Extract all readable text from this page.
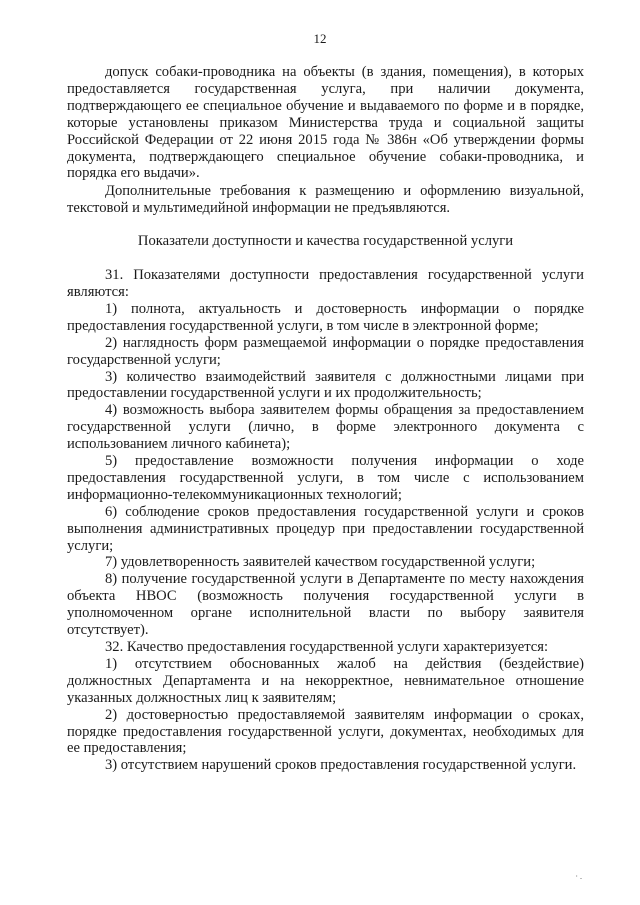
12

допуск собаки-проводника на объекты (в здания, помещения), в которых предоставляется государственная услуга, при наличии документа, подтверждающего ее специальное обучение и выдаваемого по форме и в порядке, которые установлены приказом Министерства труда и социальной защиты Российской Федерации от 22 июня 2015 года № 386н «Об утверждении формы документа, подтверждающего специальное обучение собаки-проводника, и порядка его выдачи».

Дополнительные требования к размещению и оформлению визуальной, текстовой и мультимедийной информации не предъявляются.

Показатели доступности и качества государственной услуги

31. Показателями доступности предоставления государственной услуги являются:

1) полнота, актуальность и достоверность информации о порядке предоставления государственной услуги, в том числе в электронной форме;

2) наглядность форм размещаемой информации о порядке предоставления государственной услуги;

3) количество взаимодействий заявителя с должностными лицами при предоставлении государственной услуги и их продолжительность;

4) возможность выбора заявителем формы обращения за предоставлением государственной услуги (лично, в форме электронного документа с использованием личного кабинета);

5) предоставление возможности получения информации о ходе предоставления государственной услуги, в том числе с использованием информационно-телекоммуникационных технологий;

6) соблюдение сроков предоставления государственной услуги и сроков выполнения административных процедур при предоставлении государственной услуги;

7) удовлетворенность заявителей качеством государственной услуги;

8) получение государственной услуги в Департаменте по месту нахождения объекта НВОС (возможность получения государственной услуги в уполномоченном органе исполнительной власти по выбору заявителя отсутствует).

32. Качество предоставления государственной услуги характеризуется:

1) отсутствием обоснованных жалоб на действия (бездействие) должностных Департамента и на некорректное, невнимательное отношение указанных должностных лиц к заявителям;

2) достоверностью предоставляемой заявителям информации о сроках, порядке предоставления государственной услуги, документах, необходимых для ее предоставления;

3) отсутствием нарушений сроков предоставления государственной услуги.

· .
